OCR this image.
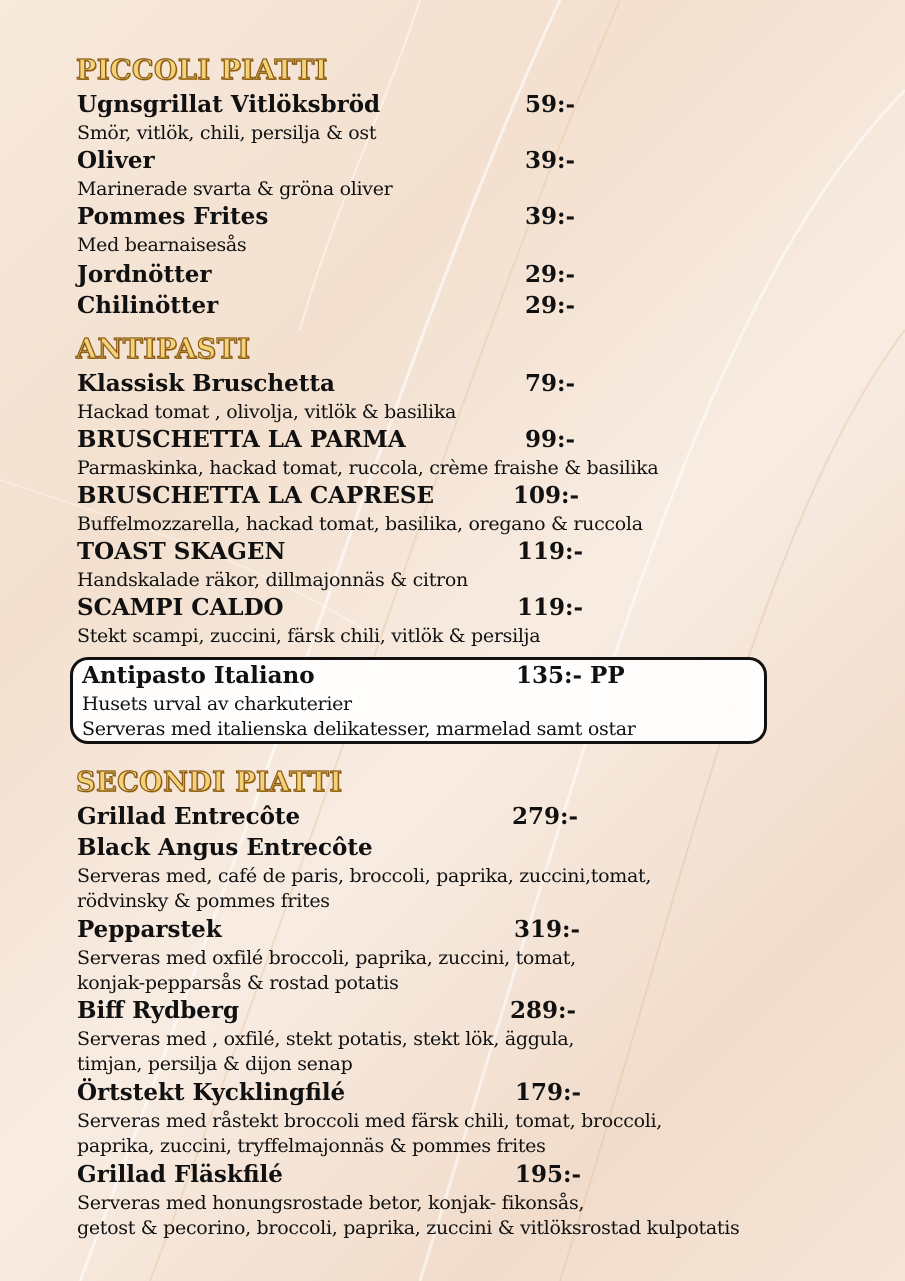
PICCOLI PIATTI
Ugnsgrillat Vitlöksbröd	59:-
Smör, vitlök, chili, persilja & ost
Oliver	39:-
Marinerade svarta & gröna oliver
Pommes Frites	39:-
Med bearnaisesås
Jordnötter	29:-
Chilinötter	29:-
ANTIPASTI
Klassisk Bruschetta	79:-
Hackad tomat , olivolja, vitlök & basilika
BRUSCHETTA LA PARMA	99:-
Parmaskinka, hackad tomat, ruccola, crème fraishe & basilika
BRUSCHETTA LA CAPRESE	109:-
Buffelmozzarella, hackad tomat, basilika, oregano & ruccola
TOAST SKAGEN	119:-
Handskalade räkor, dillmajonnäs & citron
SCAMPI CALDO	119:-
Stekt scampi, zuccini, färsk chili, vitlök & persilja
Antipasto Italiano	135:- PP
Husets urval av charkuterier
Serveras med italienska delikatesser, marmelad samt ostar
SECONDI PIATTI
Grillad Entrecôte	279:-
Black Angus Entrecôte
Serveras med, café de paris, broccoli, paprika, zuccini,tomat,
rödvinsky & pommes frites
Pepparstek	319:-
Serveras med oxfilé broccoli, paprika, zuccini, tomat,
konjak-pepparsås & rostad potatis
Biff Rydberg	289:-
Serveras med , oxfilé, stekt potatis, stekt lök, äggula,
timjan, persilja & dijon senap
Örtstekt Kycklingfilé	179:-
Serveras med råstekt broccoli med färsk chili, tomat, broccoli,
paprika, zuccini, tryffelmajonnäs & pommes frites
Grillad Fläskfilé	195:-
Serveras med honungsrostade betor, konjak- fikonsås,
getost & pecorino, broccoli, paprika, zuccini & vitlöksrostad kulpotatis
